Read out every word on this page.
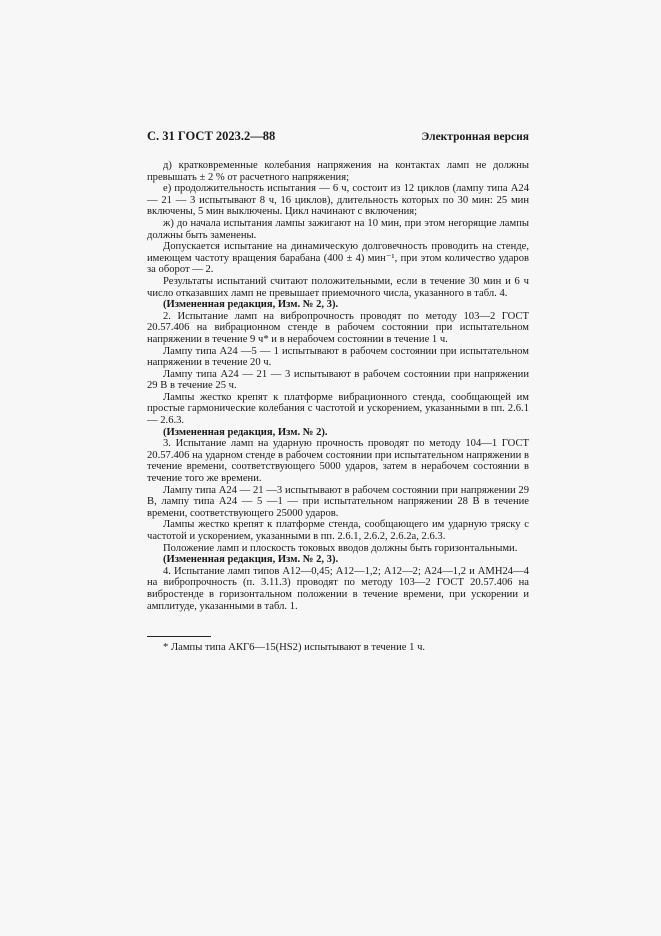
С. 31 ГОСТ 2023.2—88	Электронная версия

д) кратковременные колебания напряжения на контактах ламп не должны превышать ± 2 % от расчетного напряжения;

е) продолжительность испытания — 6 ч, состоит из 12 циклов (лампу типа А24 — 21 — 3 испытывают 8 ч, 16 циклов), длительность которых по 30 мин: 25 мин включены, 5 мин выключены. Цикл начинают с включения;

ж) до начала испытания лампы зажигают на 10 мин, при этом негорящие лампы должны быть заменены.

Допускается испытание на динамическую долговечность проводить на стенде, имеющем частоту вращения барабана (400 ± 4) мин⁻¹, при этом количество ударов за оборот — 2.

Результаты испытаний считают положительными, если в течение 30 мин и 6 ч число отказавших ламп не превышает приемочного числа, указанного в табл. 4.

(Измененная редакция, Изм. № 2, 3).

2. Испытание ламп на вибропрочность проводят по методу 103—2 ГОСТ 20.57.406 на вибрационном стенде в рабочем состоянии при испытательном напряжении в течение 9 ч* и в нерабочем состоянии в течение 1 ч.

Лампу типа А24 —5 — 1 испытывают в рабочем состоянии при испытательном напряжении в течение 20 ч.

Лампу типа А24 — 21 — 3 испытывают в рабочем состоянии при напряжении 29 В в течение 25 ч.

Лампы жестко крепят к платформе вибрационного стенда, сообщающей им простые гармонические колебания с частотой и ускорением, указанными в пп. 2.6.1 — 2.6.3.

(Измененная редакция, Изм. № 2).

3. Испытание ламп на ударную прочность проводят по методу 104—1 ГОСТ 20.57.406 на ударном стенде в рабочем состоянии при испытательном напряжении в течение времени, соответствующего 5000 ударов, затем в нерабочем состоянии в течение того же времени.

Лампу типа А24 — 21 —3 испытывают в рабочем состоянии при напряжении 29 В, лампу типа А24 — 5 —1 — при испытательном напряжении 28 В в течение времени, соответствующего 25000 ударов.

Лампы жестко крепят к платформе стенда, сообщающего им ударную тряску с частотой и ускорением, указанными в пп. 2.6.1, 2.6.2, 2.6.2а, 2.6.3.

Положение ламп и плоскость токовых вводов должны быть горизонтальными.

(Измененная редакция, Изм. № 2, 3).

4. Испытание ламп типов А12—0,45; А12—1,2; А12—2; А24—1,2 и АМН24—4 на вибропрочность (п. 3.11.3) проводят по методу 103—2 ГОСТ 20.57.406 на вибростенде в горизонтальном положении в течение времени, при ускорении и амплитуде, указанными в табл. 1.

* Лампы типа АКГ6—15(HS2) испытывают в течение 1 ч.
